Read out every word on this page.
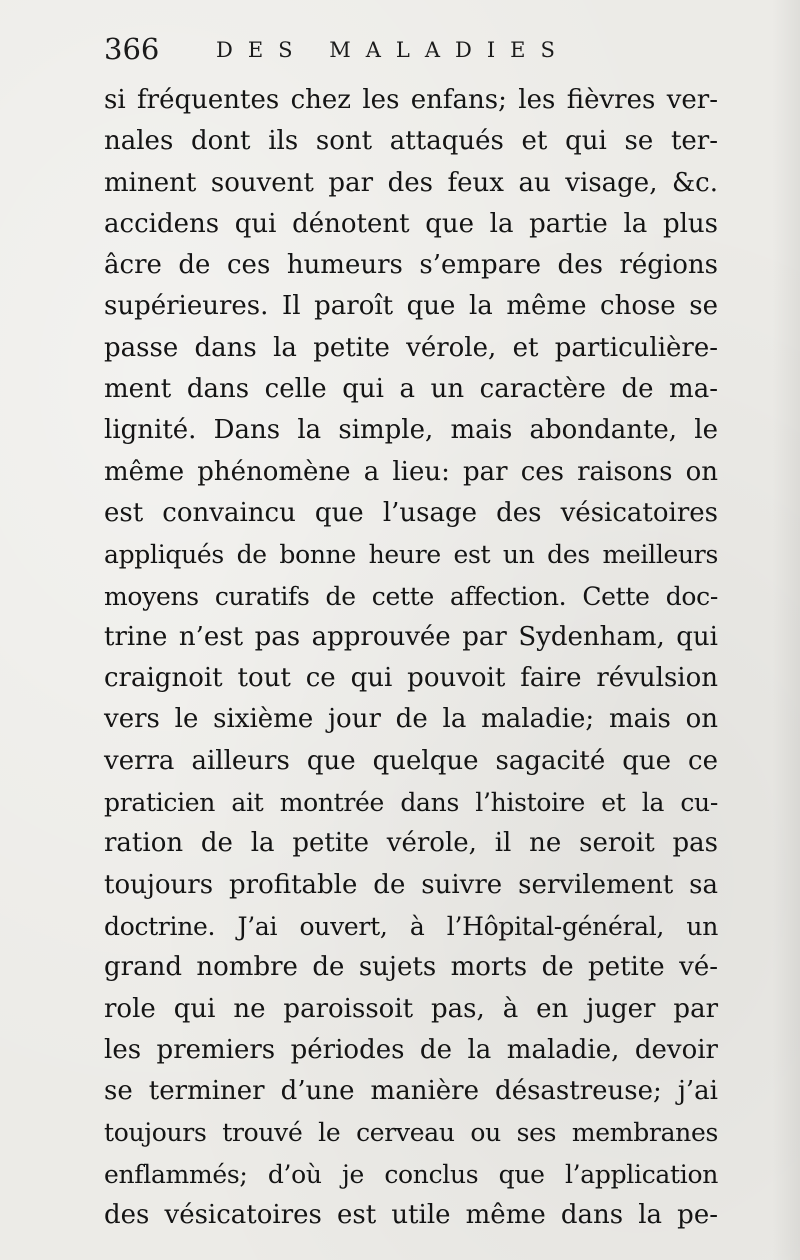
366	DES MALADIES
si fréquentes chez les enfans; les fièvres ver-
nales dont ils sont attaqués et qui se ter-
minent souvent par des feux au visage, &c.
accidens qui dénotent que la partie la plus
âcre de ces humeurs s’empare des régions
supérieures. Il paroît que la même chose se
passe dans la petite vérole, et particulière-
ment dans celle qui a un caractère de ma-
lignité. Dans la simple, mais abondante, le
même phénomène a lieu: par ces raisons on
est convaincu que l’usage des vésicatoires
appliqués de bonne heure est un des meilleurs
moyens curatifs de cette affection. Cette doc-
trine n’est pas approuvée par Sydenham, qui
craignoit tout ce qui pouvoit faire révulsion
vers le sixième jour de la maladie; mais on
verra ailleurs que quelque sagacité que ce
praticien ait montrée dans l’histoire et la cu-
ration de la petite vérole, il ne seroit pas
toujours profitable de suivre servilement sa
doctrine. J’ai ouvert, à l’Hôpital-général, un
grand nombre de sujets morts de petite vé-
role qui ne paroissoit pas, à en juger par
les premiers périodes de la maladie, devoir
se terminer d’une manière désastreuse; j’ai
toujours trouvé le cerveau ou ses membranes
enflammés; d’où je conclus que l’application
des vésicatoires est utile même dans la pe-
